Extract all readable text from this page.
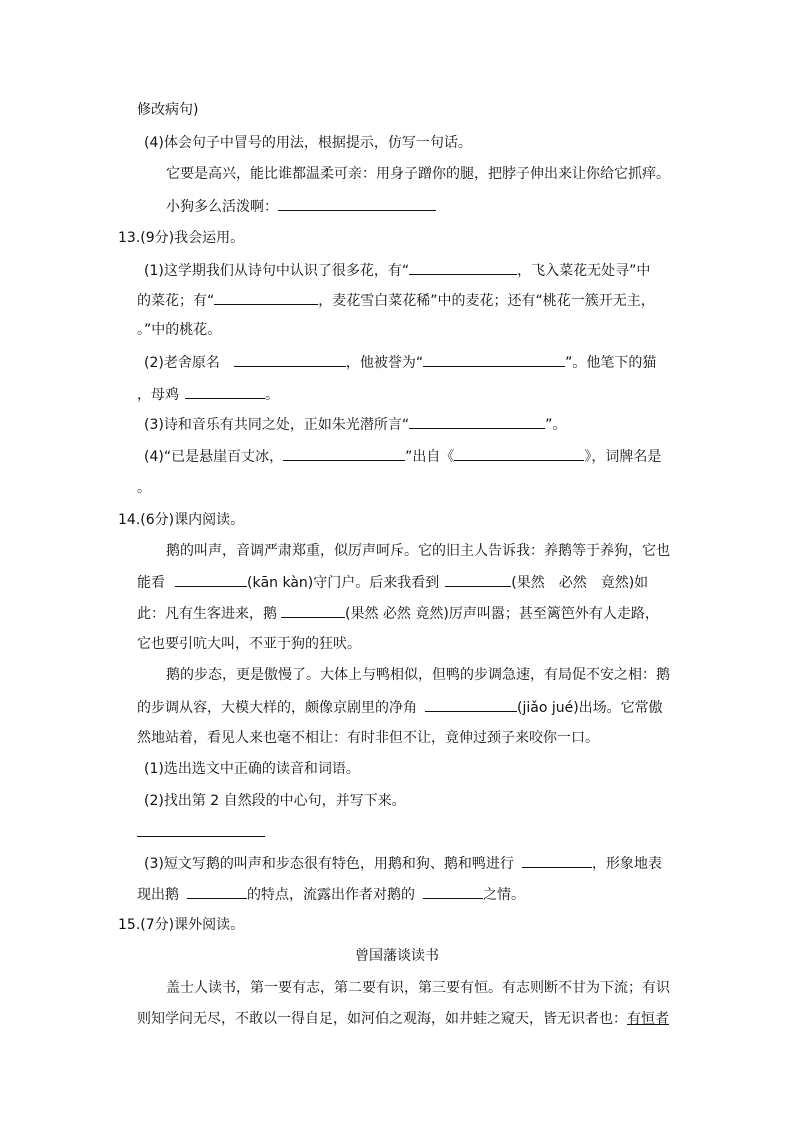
修改病句)
(4)体会句子中冒号的用法，根据提示，仿写一句话。
它要是高兴，能比谁都温柔可亲：用身子蹭你的腿，把脖子伸出来让你给它抓痒。
小狗多么活泼啊：
13.(9分)我会运用。
(1)这学期我们从诗句中认识了很多花，有“	，飞入菜花无处寻”中
的菜花；有“	，麦花雪白菜花稀”中的麦花；还有“桃花一簇开无主，
。”中的桃花。
(2)老舍原名	，他被誉为“	”。他笔下的猫
，母鸡	。
(3)诗和音乐有共同之处，正如朱光潜所言“	”。
(4)“已是悬崖百丈冰，	”出自《	》，词牌名是
。
14.(6分)课内阅读。
鹅的叫声，音调严肃郑重，似厉声呵斥。它的旧主人告诉我：养鹅等于养狗，它也
能看	(kān kàn)守门户。后来我看到	(果然　必然　竟然)如
此：凡有生客进来，鹅	(果然 必然 竟然)厉声叫嚣；甚至篱笆外有人走路，
它也要引吭大叫，不亚于狗的狂吠。
鹅的步态，更是傲慢了。大体上与鸭相似，但鸭的步调急速，有局促不安之相：鹅
的步调从容，大模大样的，颇像京剧里的净角	(jiǎo jué)出场。它常傲
然地站着，看见人来也毫不相让：有时非但不让，竟伸过颈子来咬你一口。
(1)选出选文中正确的读音和词语。
(2)找出第 2 自然段的中心句，并写下来。
(3)短文写鹅的叫声和步态很有特色，用鹅和狗、鹅和鸭进行	，形象地表
现出鹅	的特点，流露出作者对鹅的	之情。
15.(7分)课外阅读。
曾国藩谈读书
盖士人读书，第一要有志，第二要有识，第三要有恒。有志则断不甘为下流；有识
则知学问无尽，不敢以一得自足，如河伯之观海，如井蛙之窥天，皆无识者也：有恒者
